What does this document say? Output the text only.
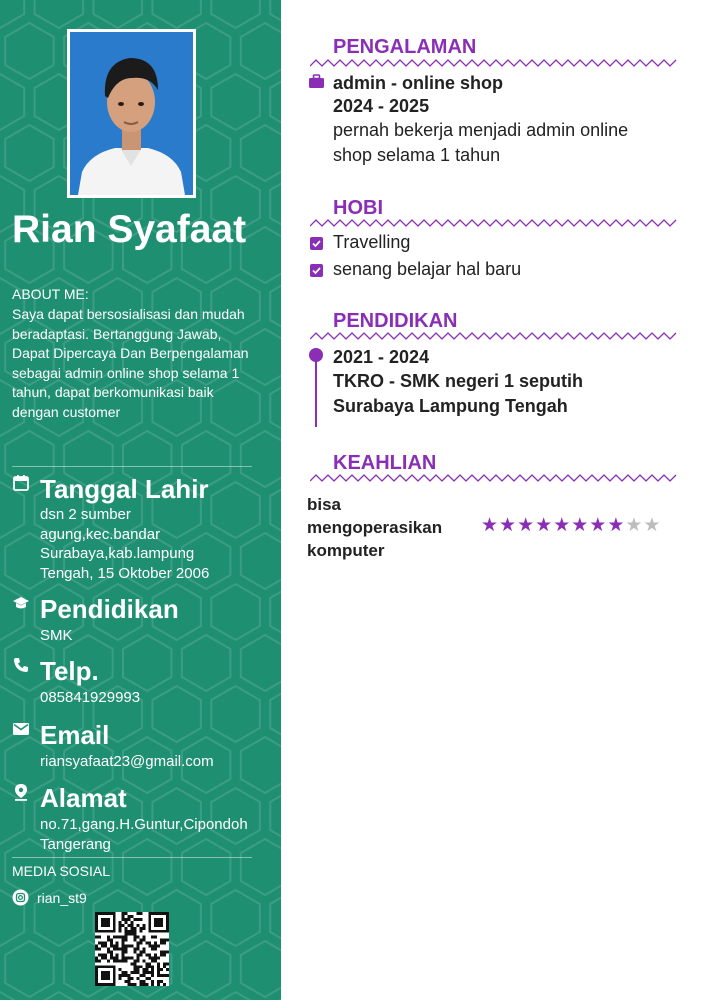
Rian Syafaat
ABOUT ME:
Saya dapat bersosialisasi dan mudah beradaptasi. Bertanggung Jawab, Dapat Dipercaya Dan Berpengalaman sebagai admin online shop selama 1 tahun, dapat berkomunikasi baik dengan customer
Tanggal Lahir
dsn 2 sumber agung,kec.bandar Surabaya,kab.lampung Tengah, 15 Oktober 2006
Pendidikan
SMK
Telp.
085841929993
Email
riansyafaat23@gmail.com
Alamat
no.71,gang.H.Guntur,Cipondoh Tangerang
MEDIA SOSIAL
rian_st9
PENGALAMAN
admin - online shop
2024 - 2025
pernah bekerja menjadi admin online
shop selama 1 tahun
HOBI
Travelling
senang belajar hal baru
PENDIDIKAN
2021 - 2024
TKRO - SMK negeri 1 seputih
Surabaya Lampung Tengah
KEAHLIAN
bisa mengoperasikan komputer
★ ★ ★ ★ ★ ★ ★ ★ ★ ★
